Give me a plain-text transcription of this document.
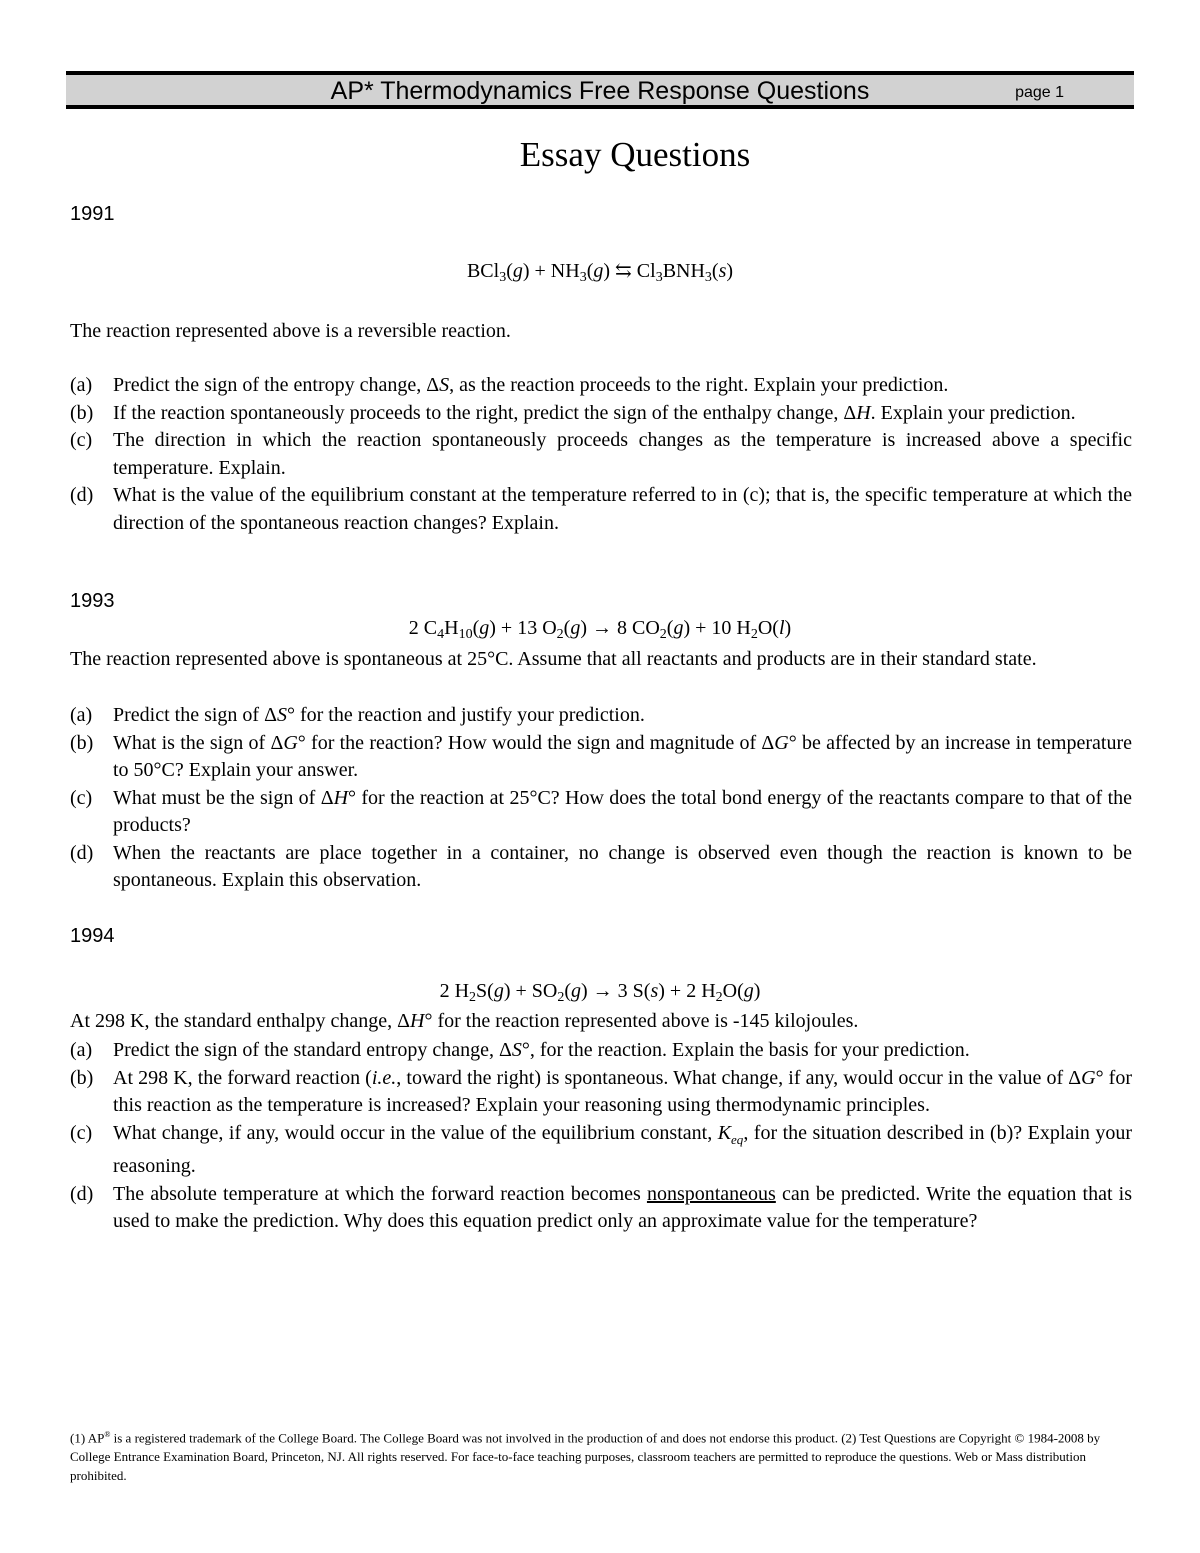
AP* Thermodynamics Free Response Questions	page 1
Essay Questions
1991
$BCl_3(g) + NH_3(g)$ ⇆ $Cl_3BNH_3(s)$
The reaction represented above is a reversible reaction.
(a) Predict the sign of the entropy change, ΔS, as the reaction proceeds to the right. Explain your prediction.
(b) If the reaction spontaneously proceeds to the right, predict the sign of the enthalpy change, ΔH. Explain your prediction.
(c) The direction in which the reaction spontaneously proceeds changes as the temperature is increased above a specific temperature. Explain.
(d) What is the value of the equilibrium constant at the temperature referred to in (c); that is, the specific temperature at which the direction of the spontaneous reaction changes? Explain.
1993
2 $C_4H_{10}(g) + 13$ $O_2(g) \to 8$ $CO_2(g) + 10$ $H_2O(l)$
The reaction represented above is spontaneous at 25°C. Assume that all reactants and products are in their standard state.
(a) Predict the sign of ΔS° for the reaction and justify your prediction.
(b) What is the sign of ΔG° for the reaction? How would the sign and magnitude of ΔG° be affected by an increase in temperature to 50°C? Explain your answer.
(c) What must be the sign of ΔH° for the reaction at 25°C? How does the total bond energy of the reactants compare to that of the products?
(d) When the reactants are place together in a container, no change is observed even though the reaction is known to be spontaneous. Explain this observation.
1994
2 $H_2S(g) + SO_2(g) \to 3$ S(s) + 2 $H_2O(g)$
At 298 K, the standard enthalpy change, ΔH° for the reaction represented above is -145 kilojoules.
(a) Predict the sign of the standard entropy change, ΔS°, for the reaction. Explain the basis for your prediction.
(b) At 298 K, the forward reaction (i.e., toward the right) is spontaneous. What change, if any, would occur in the value of ΔG° for this reaction as the temperature is increased? Explain your reasoning using thermodynamic principles.
(c) What change, if any, would occur in the value of the equilibrium constant, $K_{eq}$, for the situation described in (b)? Explain your reasoning.
(d) The absolute temperature at which the forward reaction becomes nonspontaneous can be predicted. Write the equation that is used to make the prediction. Why does this equation predict only an approximate value for the temperature?
(1) AP® is a registered trademark of the College Board. The College Board was not involved in the production of and does not endorse this product. (2) Test Questions are Copyright © 1984-2008 by College Entrance Examination Board, Princeton, NJ. All rights reserved. For face-to-face teaching purposes, classroom teachers are permitted to reproduce the questions. Web or Mass distribution prohibited.
